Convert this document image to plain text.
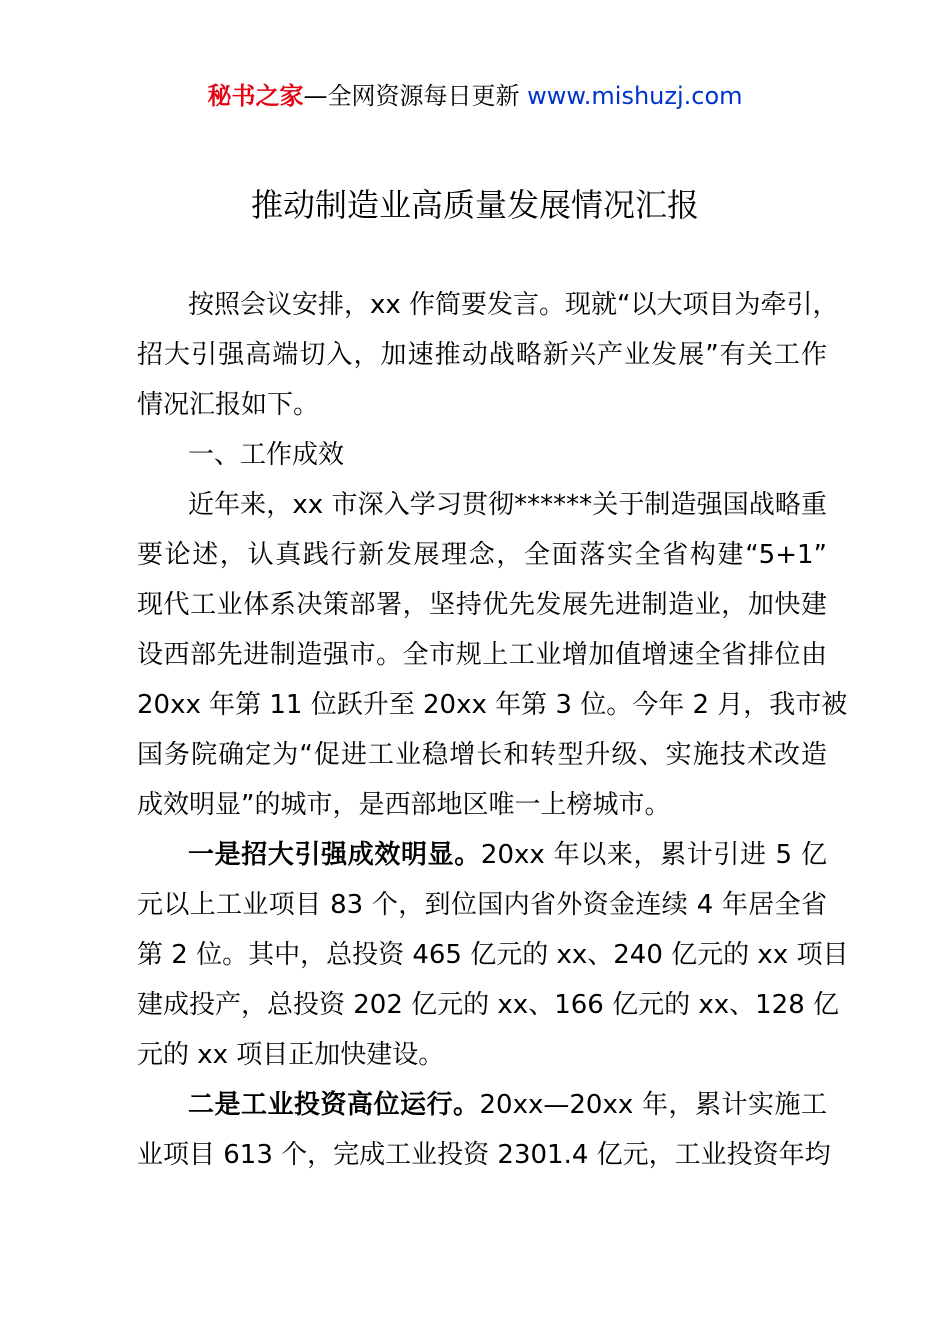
秘书之家—全网资源每日更新 www.mishuzj.com
推动制造业高质量发展情况汇报
按照会议安排，xx 作简要发言。现就“以大项目为牵引，
招大引强高端切入，加速推动战略新兴产业发展”有关工作
情况汇报如下。
一、工作成效
近年来，xx 市深入学习贯彻******关于制造强国战略重
要论述，认真践行新发展理念，全面落实全省构建“5+1”
现代工业体系决策部署，坚持优先发展先进制造业，加快建
设西部先进制造强市。全市规上工业增加值增速全省排位由
20xx 年第 11 位跃升至 20xx 年第 3 位。今年 2 月，我市被
国务院确定为“促进工业稳增长和转型升级、实施技术改造
成效明显”的城市，是西部地区唯一上榜城市。
一是招大引强成效明显。20xx 年以来，累计引进 5 亿
元以上工业项目 83 个，到位国内省外资金连续 4 年居全省
第 2 位。其中，总投资 465 亿元的 xx、240 亿元的 xx 项目
建成投产，总投资 202 亿元的 xx、166 亿元的 xx、128 亿
元的 xx 项目正加快建设。
二是工业投资高位运行。20xx—20xx 年，累计实施工
业项目 613 个，完成工业投资 2301.4 亿元，工业投资年均
